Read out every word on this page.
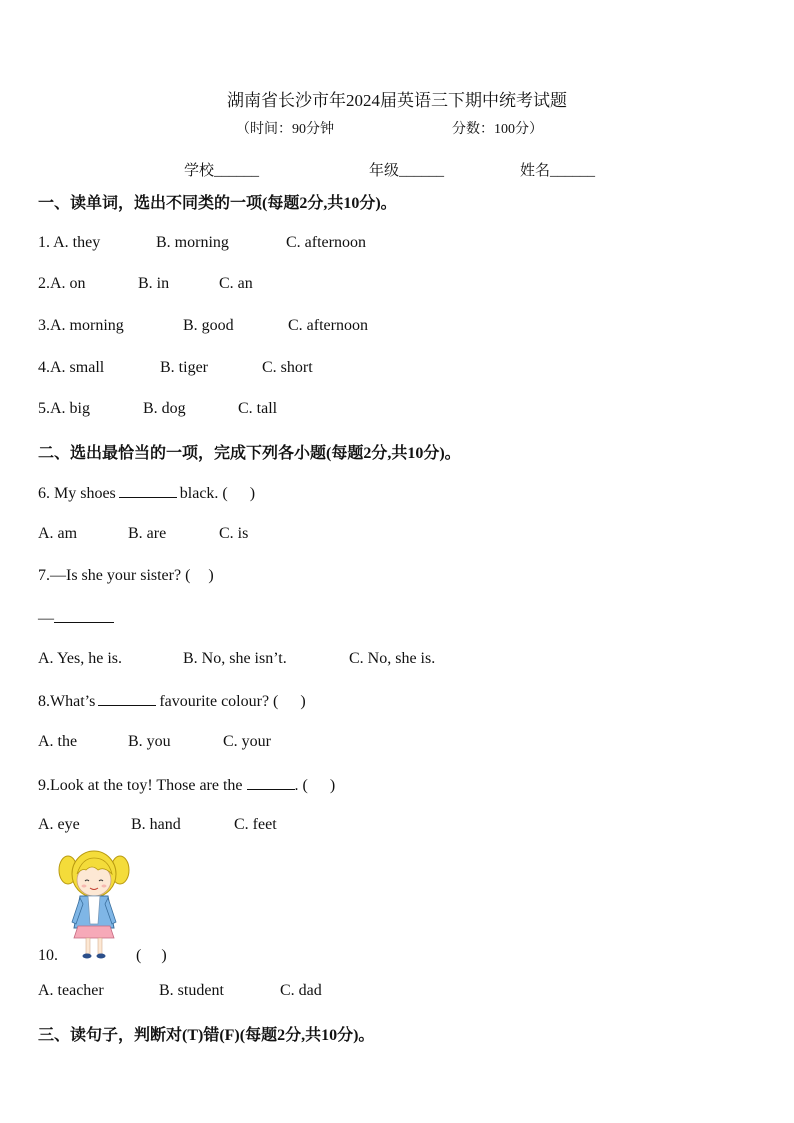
湖南省长沙市年2024届英语三下期中统考试题
（时间：90分钟	分数：100分）
学校______	年级______	姓名______
一、读单词，选出不同类的一项(每题2分,共10分)。
1. A. they	B. morning	C. afternoon
2.A. on	B. in	C. an
3.A. morning	B. good	C. afternoon
4.A. small	B. tiger	C. short
5.A. big	B. dog	C. tall
二、选出最恰当的一项，完成下列各小题(每题2分,共10分)。
6. My shoes	black. ( )
A. am	B. are	C. is
7.—Is she your sister? ( )
—
A. Yes, he is.	B. No, she isn’t.	C. No, she is.
8.What’s	favourite colour? ( )
A. the	B. you	C. your
9.Look at the toy! Those are the	. ( )
A. eye	B. hand	C. feet
10.	( )
A. teacher	B. student	C. dad
三、读句子，判断对(T)错(F)(每题2分,共10分)。
